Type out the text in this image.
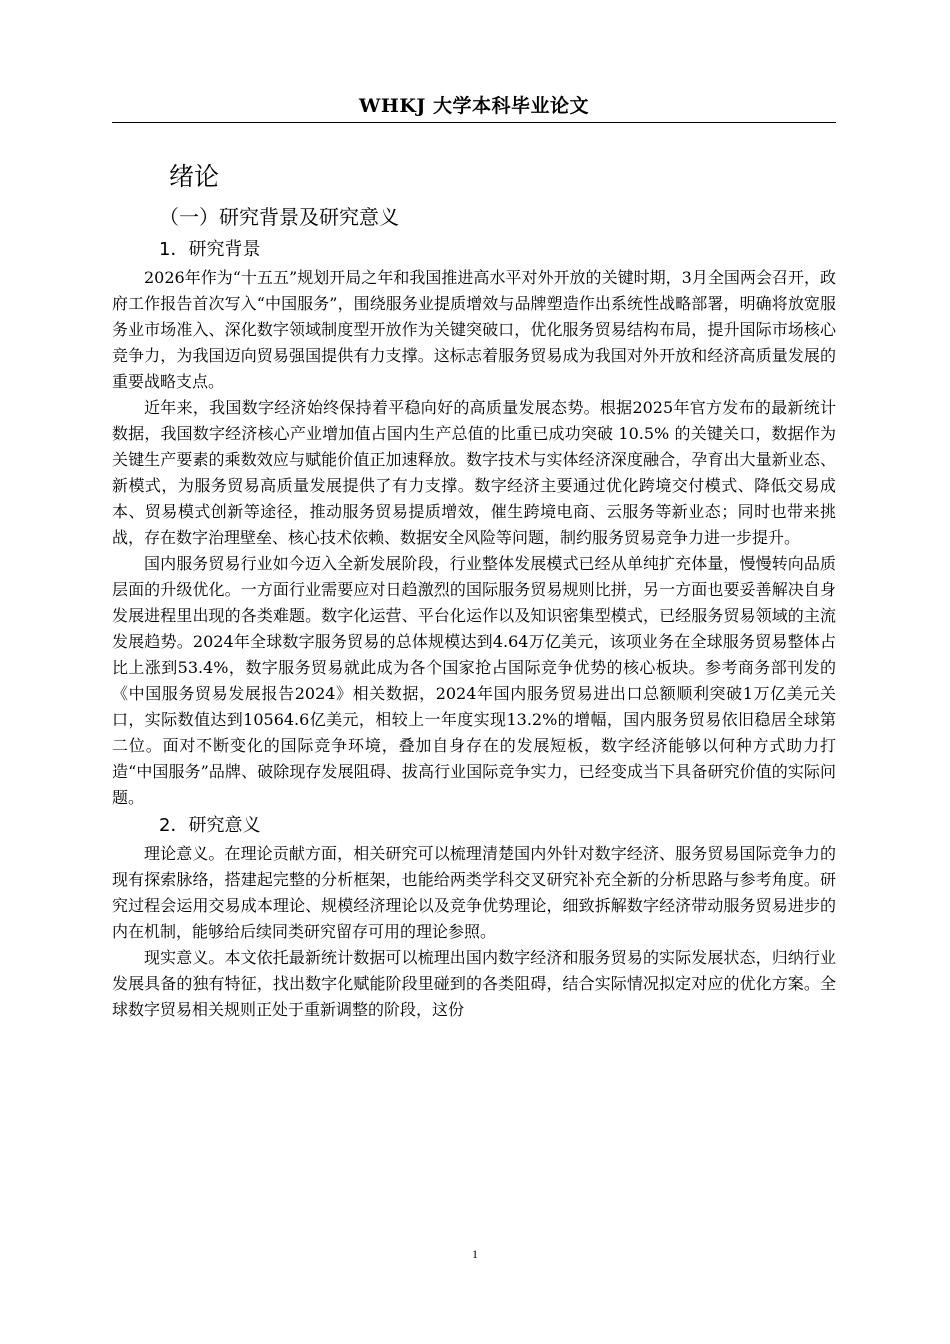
WHKJ 大学本科毕业论文
绪论
（一）研究背景及研究意义
1．研究背景

2026年作为“十五五”规划开局之年和我国推进高水平对外开放的关键时期，3月全国两会召开，政府工作报告首次写入“中国服务”，围绕服务业提质增效与品牌塑造作出系统性战略部署，明确将放宽服务业市场准入、深化数字领域制度型开放作为关键突破口，优化服务贸易结构布局，提升国际市场核心竞争力，为我国迈向贸易强国提供有力支撑。这标志着服务贸易成为我国对外开放和经济高质量发展的重要战略支点。

近年来，我国数字经济始终保持着平稳向好的高质量发展态势。根据2025年官方发布的最新统计数据，我国数字经济核心产业增加值占国内生产总值的比重已成功突破 10.5% 的关键关口，数据作为关键生产要素的乘数效应与赋能价值正加速释放。数字技术与实体经济深度融合，孕育出大量新业态、新模式，为服务贸易高质量发展提供了有力支撑。数字经济主要通过优化跨境交付模式、降低交易成本、贸易模式创新等途径，推动服务贸易提质增效，催生跨境电商、云服务等新业态；同时也带来挑战，存在数字治理壁垒、核心技术依赖、数据安全风险等问题，制约服务贸易竞争力进一步提升。

国内服务贸易行业如今迈入全新发展阶段，行业整体发展模式已经从单纯扩充体量，慢慢转向品质层面的升级优化。一方面行业需要应对日趋激烈的国际服务贸易规则比拼，另一方面也要妥善解决自身发展进程里出现的各类难题。数字化运营、平台化运作以及知识密集型模式，已经服务贸易领域的主流发展趋势。2024年全球数字服务贸易的总体规模达到4.64万亿美元，该项业务在全球服务贸易整体占比上涨到53.4%，数字服务贸易就此成为各个国家抢占国际竞争优势的核心板块。参考商务部刊发的《中国服务贸易发展报告2024》相关数据，2024年国内服务贸易进出口总额顺利突破1万亿美元关口，实际数值达到10564.6亿美元，相较上一年度实现13.2%的增幅，国内服务贸易依旧稳居全球第二位。面对不断变化的国际竞争环境，叠加自身存在的发展短板，数字经济能够以何种方式助力打造“中国服务”品牌、破除现存发展阻碍、拔高行业国际竞争实力，已经变成当下具备研究价值的实际问题。

2．研究意义

理论意义。在理论贡献方面，相关研究可以梳理清楚国内外针对数字经济、服务贸易国际竞争力的现有探索脉络，搭建起完整的分析框架，也能给两类学科交叉研究补充全新的分析思路与参考角度。研究过程会运用交易成本理论、规模经济理论以及竞争优势理论，细致拆解数字经济带动服务贸易进步的内在机制，能够给后续同类研究留存可用的理论参照。

现实意义。本文依托最新统计数据可以梳理出国内数字经济和服务贸易的实际发展状态，归纳行业发展具备的独有特征，找出数字化赋能阶段里碰到的各类阻碍，结合实际情况拟定对应的优化方案。全球数字贸易相关规则正处于重新调整的阶段，这份

1
